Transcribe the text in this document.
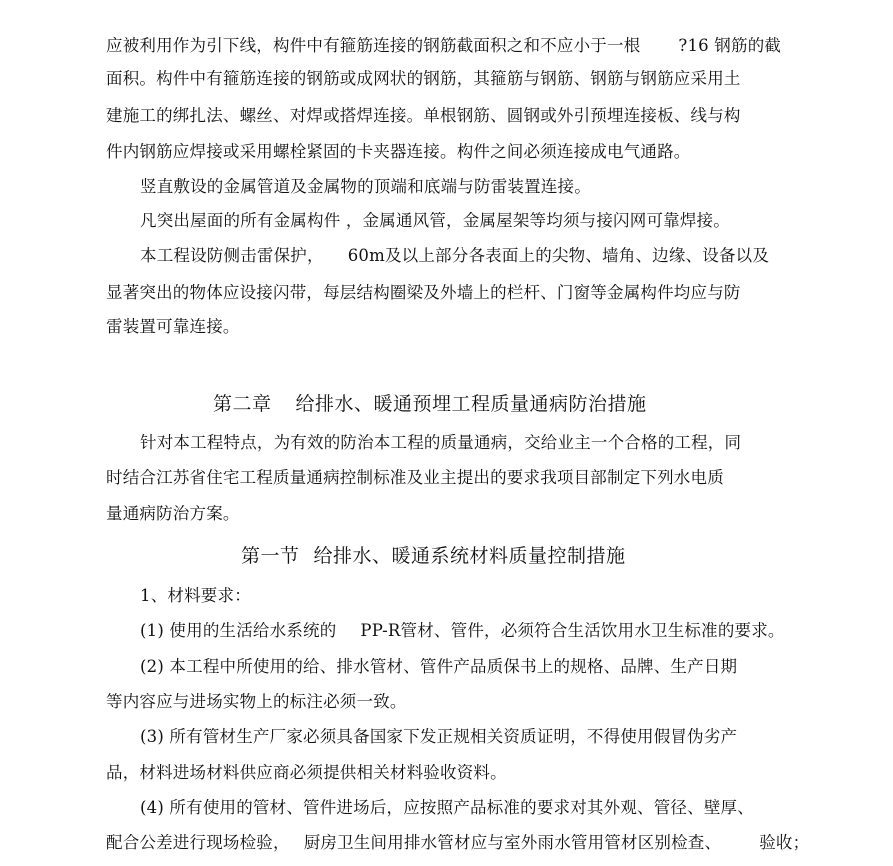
应被利用作为引下线，构件中有箍筋连接的钢筋截面积之和不应小于一根 ?16 钢筋的截
面积。构件中有箍筋连接的钢筋或成网状的钢筋，其箍筋与钢筋、钢筋与钢筋应采用土
建施工的绑扎法、螺丝、对焊或搭焊连接。单根钢筋、圆钢或外引预埋连接板、线与构
件内钢筋应焊接或采用螺栓紧固的卡夹器连接。构件之间必须连接成电气通路。
竖直敷设的金属管道及金属物的顶端和底端与防雷装置连接。
凡突出屋面的所有金属构件 ，金属通风管，金属屋架等均须与接闪网可靠焊接。
本工程设防侧击雷保护， 60m及以上部分各表面上的尖物、墙角、边缘、设备以及
显著突出的物体应设接闪带，每层结构圈梁及外墙上的栏杆、门窗等金属构件均应与防
雷装置可靠连接。
第二章 给排水、暖通预埋工程质量通病防治措施
针对本工程特点，为有效的防治本工程的质量通病，交给业主一个合格的工程，同
时结合江苏省住宅工程质量通病控制标准及业主提出的要求我项目部制定下列水电质
量通病防治方案。
第一节 给排水、暖通系统材料质量控制措施
1、材料要求：
(1) 使用的生活给水系统的 PP-R管材、管件，必须符合生活饮用水卫生标准的要求。
(2) 本工程中所使用的给、排水管材、管件产品质保书上的规格、品牌、生产日期
等内容应与进场实物上的标注必须一致。
(3) 所有管材生产厂家必须具备国家下发正规相关资质证明，不得使用假冒伪劣产
品，材料进场材料供应商必须提供相关材料验收资料。
(4) 所有使用的管材、管件进场后，应按照产品标准的要求对其外观、管径、壁厚、
配合公差进行现场检验， 厨房卫生间用排水管材应与室外雨水管用管材区别检查、 验收；
